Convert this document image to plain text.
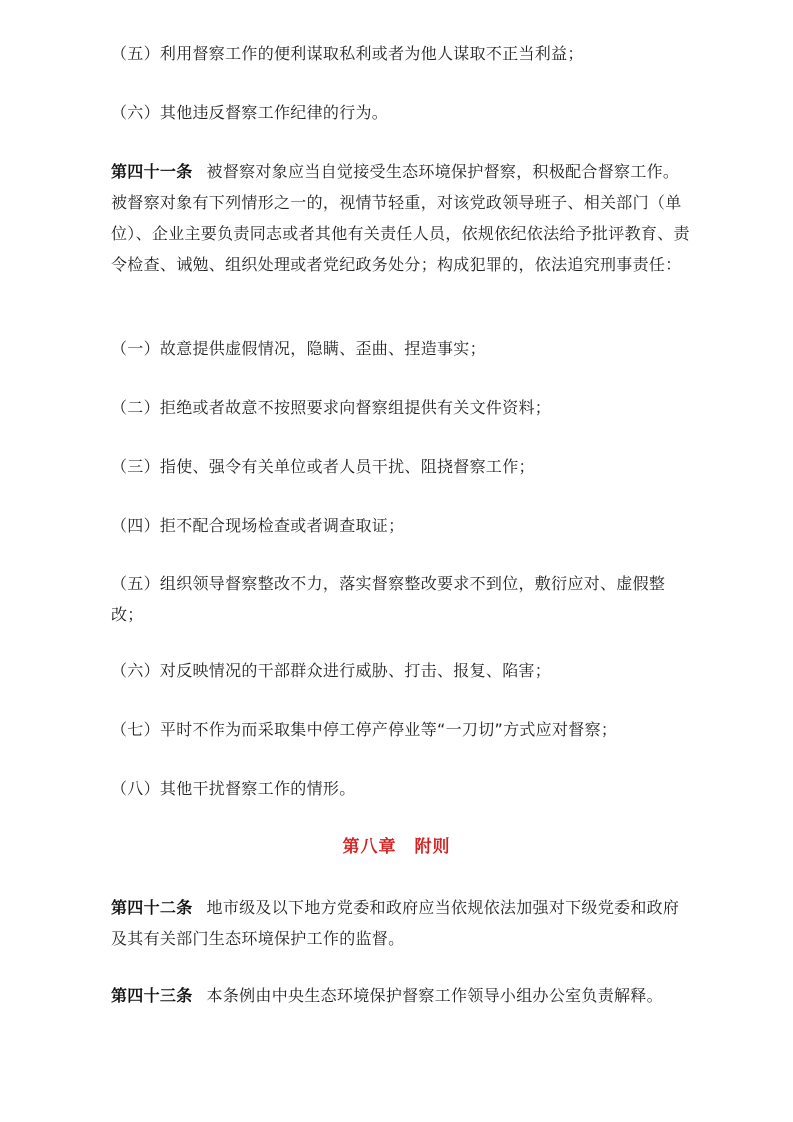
（五）利用督察工作的便利谋取私利或者为他人谋取不正当利益；

（六）其他违反督察工作纪律的行为。

第四十一条 被督察对象应当自觉接受生态环境保护督察，积极配合督察工作。被督察对象有下列情形之一的，视情节轻重，对该党政领导班子、相关部门（单位）、企业主要负责同志或者其他有关责任人员，依规依纪依法给予批评教育、责令检查、诫勉、组织处理或者党纪政务处分；构成犯罪的，依法追究刑事责任：

（一）故意提供虚假情况，隐瞒、歪曲、捏造事实；

（二）拒绝或者故意不按照要求向督察组提供有关文件资料；

（三）指使、强令有关单位或者人员干扰、阻挠督察工作；

（四）拒不配合现场检查或者调查取证；

（五）组织领导督察整改不力，落实督察整改要求不到位，敷衍应对、虚假整改；

（六）对反映情况的干部群众进行威胁、打击、报复、陷害；

（七）平时不作为而采取集中停工停产停业等“一刀切”方式应对督察；

（八）其他干扰督察工作的情形。

第八章 附则

第四十二条 地市级及以下地方党委和政府应当依规依法加强对下级党委和政府及其有关部门生态环境保护工作的监督。

第四十三条 本条例由中央生态环境保护督察工作领导小组办公室负责解释。
